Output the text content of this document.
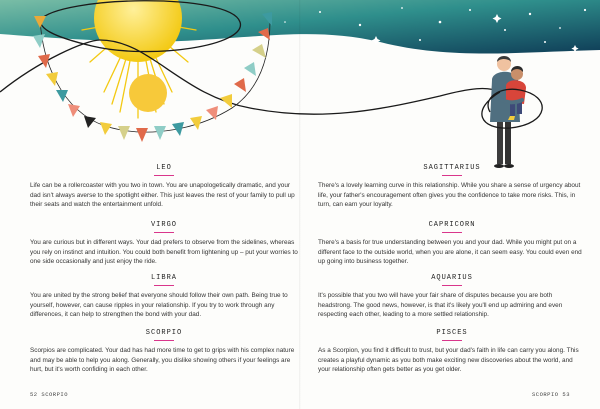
LEO

Life can be a rollercoaster with you two in town. You are unapologetically dramatic, and your dad isn't always averse to the spotlight either. This just leaves the rest of your family to pull up their seats and watch the entertainment unfold.

VIRGO

You are curious but in different ways. Your dad prefers to observe from the sidelines, whereas you rely on instinct and intuition. You could both benefit from lightening up – put your worries to one side occasionally and just enjoy the ride.

LIBRA

You are united by the strong belief that everyone should follow their own path. Being true to yourself, however, can cause ripples in your relationship. If you try to work through any differences, it can help to strengthen the bond with your dad.

SCORPIO

Scorpios are complicated. Your dad has had more time to get to grips with his complex nature and may be able to help you along. Generally, you dislike showing others if your feelings are hurt, but it's worth confiding in each other.

52 SCORPIO
SAGITTARIUS

There's a lovely learning curve in this relationship. While you share a sense of urgency about life, your father's encouragement often gives you the confidence to take more risks. This, in turn, can earn your loyalty.

CAPRICORN

There's a basis for true understanding between you and your dad. While you might put on a different face to the outside world, when you are alone, it can seem easy. You could even end up going into business together.

AQUARIUS

It's possible that you two will have your fair share of disputes because you are both headstrong. The good news, however, is that it's likely you'll end up admiring and even respecting each other, leading to a more settled relationship.

PISCES

As a Scorpion, you find it difficult to trust, but your dad's faith in life can carry you along. This creates a playful dynamic as you both make exciting new discoveries about the world, and your relationship often gets better as you get older.

SCORPIO 53
